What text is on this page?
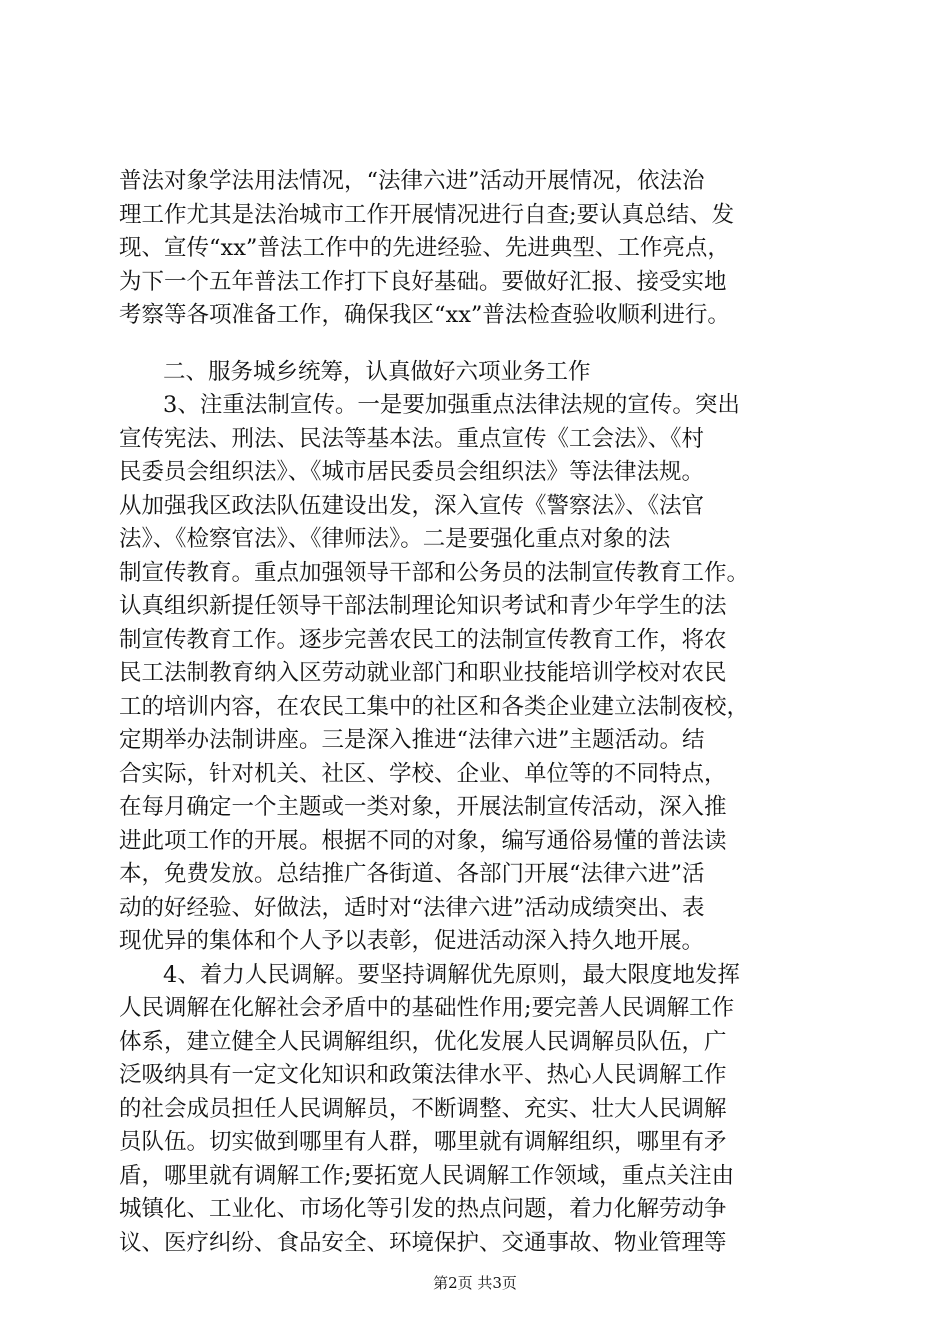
普法对象学法用法情况，“法律六进”活动开展情况，依法治
理工作尤其是法治城市工作开展情况进行自查;要认真总结、发
现、宣传“xx”普法工作中的先进经验、先进典型、工作亮点，
为下一个五年普法工作打下良好基础。要做好汇报、接受实地
考察等各项准备工作，确保我区“xx”普法检查验收顺利进行。
二、服务城乡统筹，认真做好六项业务工作
3、注重法制宣传。一是要加强重点法律法规的宣传。突出
宣传宪法、刑法、民法等基本法。重点宣传《工会法》、《村
民委员会组织法》、《城市居民委员会组织法》等法律法规。
从加强我区政法队伍建设出发，深入宣传《警察法》、《法官
法》、《检察官法》、《律师法》。二是要强化重点对象的法
制宣传教育。重点加强领导干部和公务员的法制宣传教育工作。
认真组织新提任领导干部法制理论知识考试和青少年学生的法
制宣传教育工作。逐步完善农民工的法制宣传教育工作，将农
民工法制教育纳入区劳动就业部门和职业技能培训学校对农民
工的培训内容，在农民工集中的社区和各类企业建立法制夜校，
定期举办法制讲座。三是深入推进“法律六进”主题活动。结
合实际，针对机关、社区、学校、企业、单位等的不同特点，
在每月确定一个主题或一类对象，开展法制宣传活动，深入推
进此项工作的开展。根据不同的对象，编写通俗易懂的普法读
本，免费发放。总结推广各街道、各部门开展“法律六进”活
动的好经验、好做法，适时对“法律六进”活动成绩突出、表
现优异的集体和个人予以表彰，促进活动深入持久地开展。
4、着力人民调解。要坚持调解优先原则，最大限度地发挥
人民调解在化解社会矛盾中的基础性作用;要完善人民调解工作
体系，建立健全人民调解组织，优化发展人民调解员队伍，广
泛吸纳具有一定文化知识和政策法律水平、热心人民调解工作
的社会成员担任人民调解员，不断调整、充实、壮大人民调解
员队伍。切实做到哪里有人群，哪里就有调解组织，哪里有矛
盾，哪里就有调解工作;要拓宽人民调解工作领域，重点关注由
城镇化、工业化、市场化等引发的热点问题，着力化解劳动争
议、医疗纠纷、食品安全、环境保护、交通事故、物业管理等
第2页 共3页
